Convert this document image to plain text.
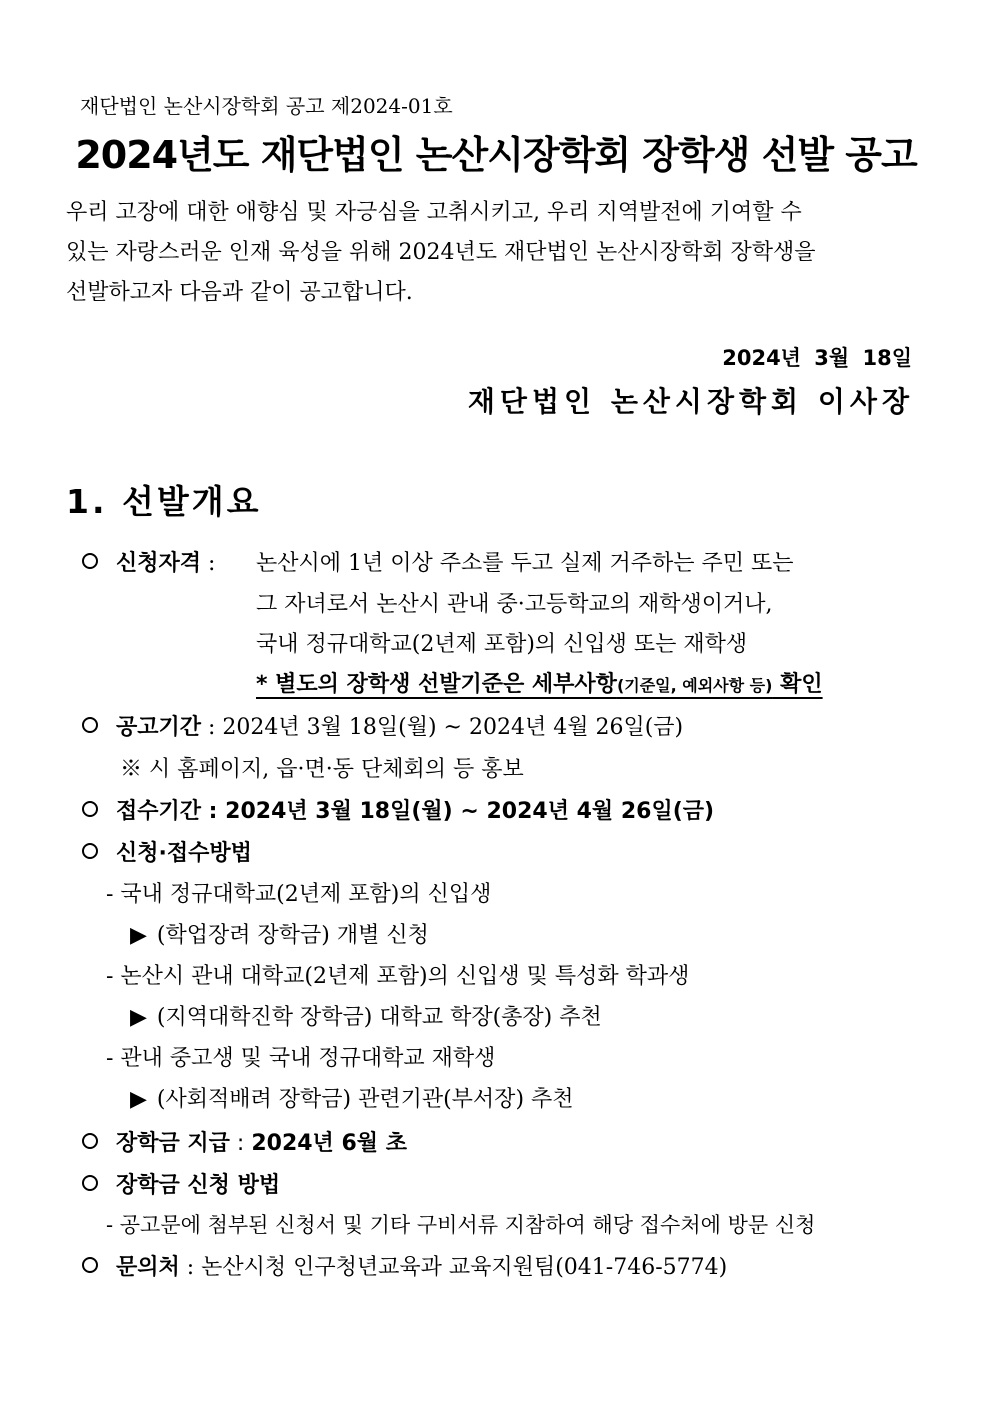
재단법인 논산시장학회 공고 제2024-01호
2024년도 재단법인 논산시장학회 장학생 선발 공고
우리 고장에 대한 애향심 및 자긍심을 고취시키고, 우리 지역발전에 기여할 수
있는 자랑스러운 인재 육성을 위해 2024년도 재단법인 논산시장학회 장학생을
선발하고자 다음과 같이 공고합니다.
2024년 3월 18일
재단법인 논산시장학회 이사장
1. 선발개요
신청자격 : 논산시에 1년 이상 주소를 두고 실제 거주하는 주민 또는
그 자녀로서 논산시 관내 중·고등학교의 재학생이거나,
국내 정규대학교(2년제 포함)의 신입생 또는 재학생
* 별도의 장학생 선발기준은 세부사항(기준일, 예외사항 등) 확인
공고기간 : 2024년 3월 18일(월) ~ 2024년 4월 26일(금)
※ 시 홈페이지, 읍·면·동 단체회의 등 홍보
접수기간 : 2024년 3월 18일(월) ~ 2024년 4월 26일(금)
신청·접수방법
- 국내 정규대학교(2년제 포함)의 신입생
▶ (학업장려 장학금) 개별 신청
- 논산시 관내 대학교(2년제 포함)의 신입생 및 특성화 학과생
▶ (지역대학진학 장학금) 대학교 학장(총장) 추천
- 관내 중고생 및 국내 정규대학교 재학생
▶ (사회적배려 장학금) 관련기관(부서장) 추천
장학금 지급 : 2024년 6월 초
장학금 신청 방법
- 공고문에 첨부된 신청서 및 기타 구비서류 지참하여 해당 접수처에 방문 신청
문의처 : 논산시청 인구청년교육과 교육지원팀(041-746-5774)
